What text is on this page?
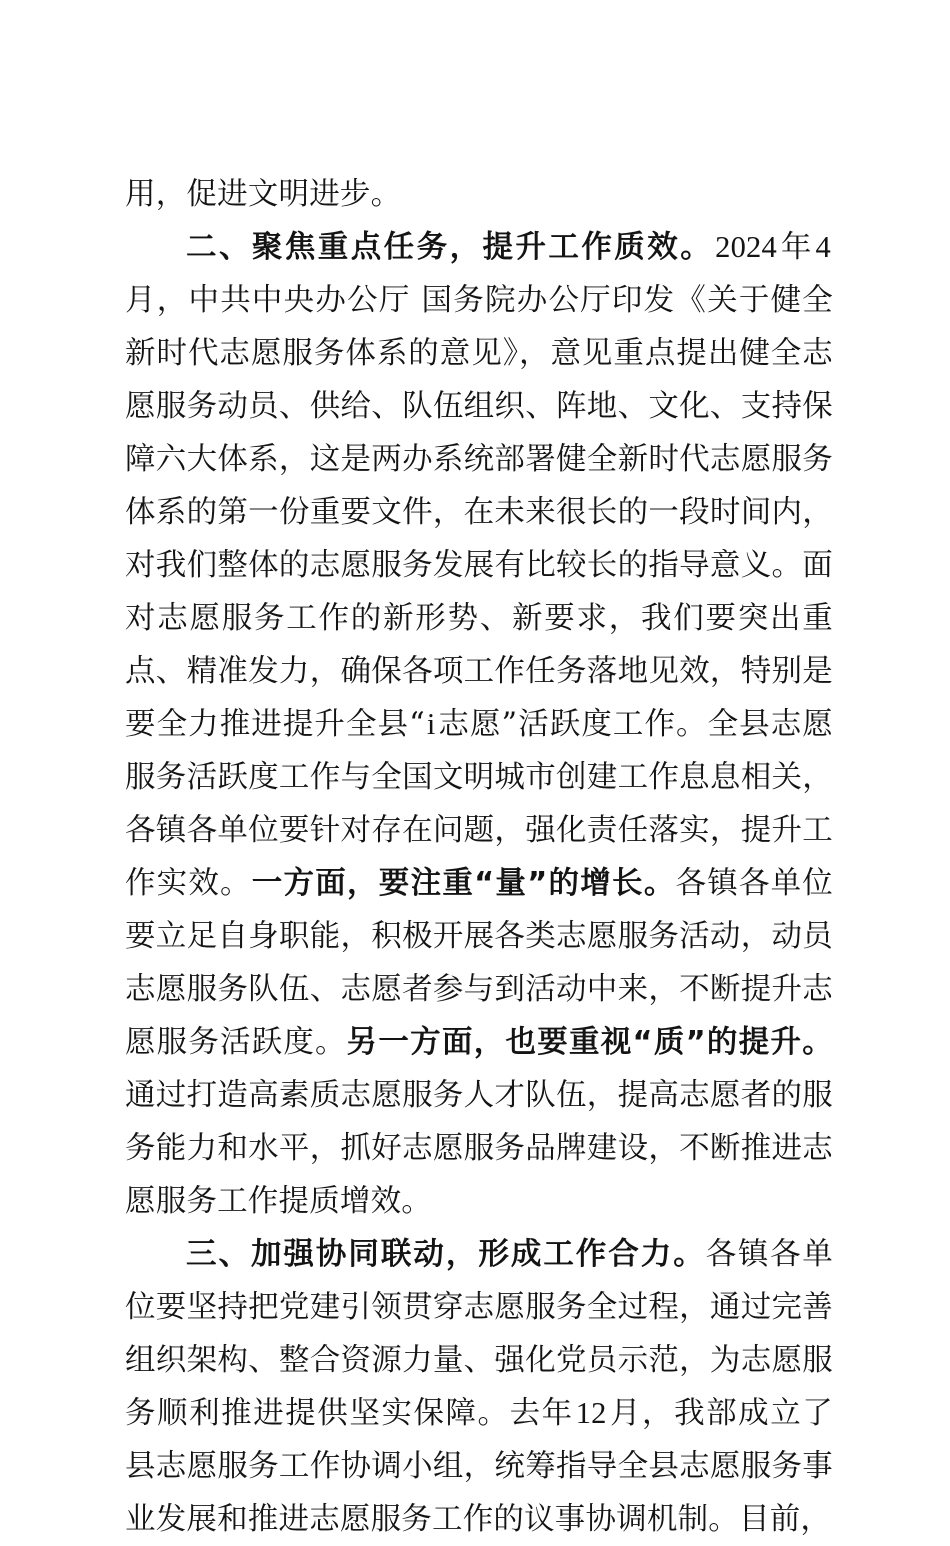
用，促进文明进步。

二、聚焦重点任务，提升工作质效。2024年4月，中共中央办公厅 国务院办公厅印发《关于健全新时代志愿服务体系的意见》，意见重点提出健全志愿服务动员、供给、队伍组织、阵地、文化、支持保障六大体系，这是两办系统部署健全新时代志愿服务体系的第一份重要文件，在未来很长的一段时间内，对我们整体的志愿服务发展有比较长的指导意义。面对志愿服务工作的新形势、新要求，我们要突出重点、精准发力，确保各项工作任务落地见效，特别是要全力推进提升全县“i志愿”活跃度工作。全县志愿服务活跃度工作与全国文明城市创建工作息息相关，各镇各单位要针对存在问题，强化责任落实，提升工作实效。一方面，要注重“量”的增长。各镇各单位要立足自身职能，积极开展各类志愿服务活动，动员志愿服务队伍、志愿者参与到活动中来，不断提升志愿服务活跃度。另一方面，也要重视“质”的提升。通过打造高素质志愿服务人才队伍，提高志愿者的服务能力和水平，抓好志愿服务品牌建设，不断推进志愿服务工作提质增效。

三、加强协同联动，形成工作合力。各镇各单位要坚持把党建引领贯穿志愿服务全过程，通过完善组织架构、整合资源力量、强化党员示范，为志愿服务顺利推进提供坚实保障。去年12月，我部成立了县志愿服务工作协调小组，统筹指导全县志愿服务事业发展和推进志愿服务工作的议事协调机制。目前，
